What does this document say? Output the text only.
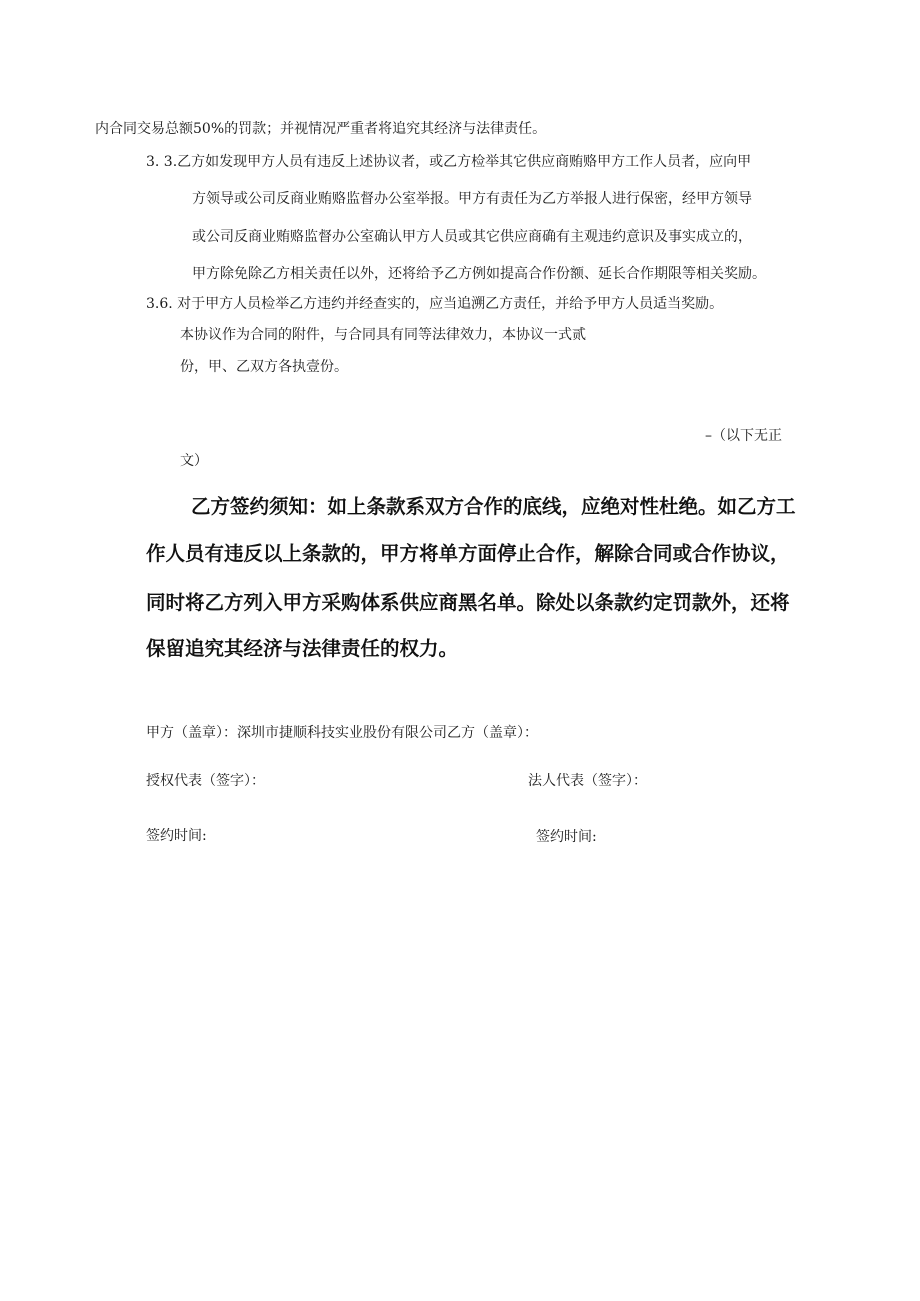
内合同交易总额50%的罚款；并视情况严重者将追究其经济与法律责任。
3. 3.乙方如发现甲方人员有违反上述协议者，或乙方检举其它供应商贿赂甲方工作人员者，应向甲
方领导或公司反商业贿赂监督办公室举报。甲方有责任为乙方举报人进行保密，经甲方领导
或公司反商业贿赂监督办公室确认甲方人员或其它供应商确有主观违约意识及事实成立的，
甲方除免除乙方相关责任以外，还将给予乙方例如提高合作份额、延长合作期限等相关奖励。
3.6. 对于甲方人员检举乙方违约并经查实的，应当追溯乙方责任，并给予甲方人员适当奖励。
本协议作为合同的附件，与合同具有同等法律效力，本协议一式贰
份，甲、乙双方各执壹份。
–（以下无正
文）
乙方签约须知：如上条款系双方合作的底线，应绝对性杜绝。如乙方工
作人员有违反以上条款的，甲方将单方面停止合作，解除合同或合作协议，
同时将乙方列入甲方采购体系供应商黑名单。除处以条款约定罚款外，还将
保留追究其经济与法律责任的权力。
甲方（盖章）：深圳市捷顺科技实业股份有限公司乙方（盖章）：
授权代表（签字）：	法人代表（签字）：
签约时间:	签约时间:
